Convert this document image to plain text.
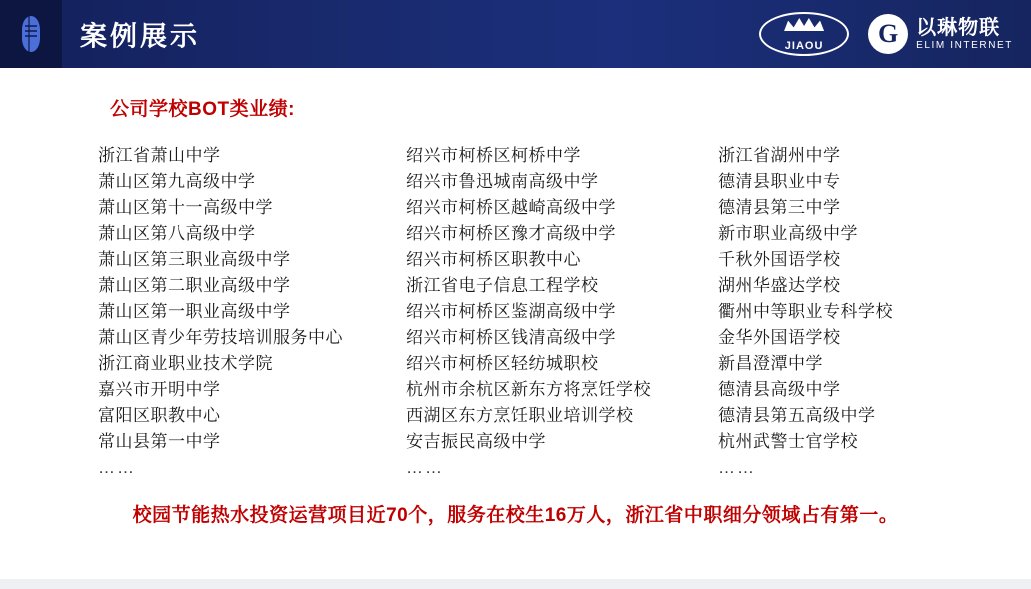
案例展示	JIAOU	G 以琳物联
ELIM INTERNET
公司学校BOT类业绩:
浙江省萧山中学
萧山区第九高级中学
萧山区第十一高级中学
萧山区第八高级中学
萧山区第三职业高级中学
萧山区第二职业高级中学
萧山区第一职业高级中学
萧山区青少年劳技培训服务中心
浙江商业职业技术学院
嘉兴市开明中学
富阳区职教中心
常山县第一中学
……
绍兴市柯桥区柯桥中学
绍兴市鲁迅城南高级中学
绍兴市柯桥区越崎高级中学
绍兴市柯桥区豫才高级中学
绍兴市柯桥区职教中心
浙江省电子信息工程学校
绍兴市柯桥区鉴湖高级中学
绍兴市柯桥区钱清高级中学
绍兴市柯桥区轻纺城职校
杭州市余杭区新东方将烹饪学校
西湖区东方烹饪职业培训学校
安吉振民高级中学
……
浙江省湖州中学
德清县职业中专
德清县第三中学
新市职业高级中学
千秋外国语学校
湖州华盛达学校
衢州中等职业专科学校
金华外国语学校
新昌澄潭中学
德清县高级中学
德清县第五高级中学
杭州武警士官学校
……
校园节能热水投资运营项目近70个，服务在校生16万人，浙江省中职细分领域占有第一。
